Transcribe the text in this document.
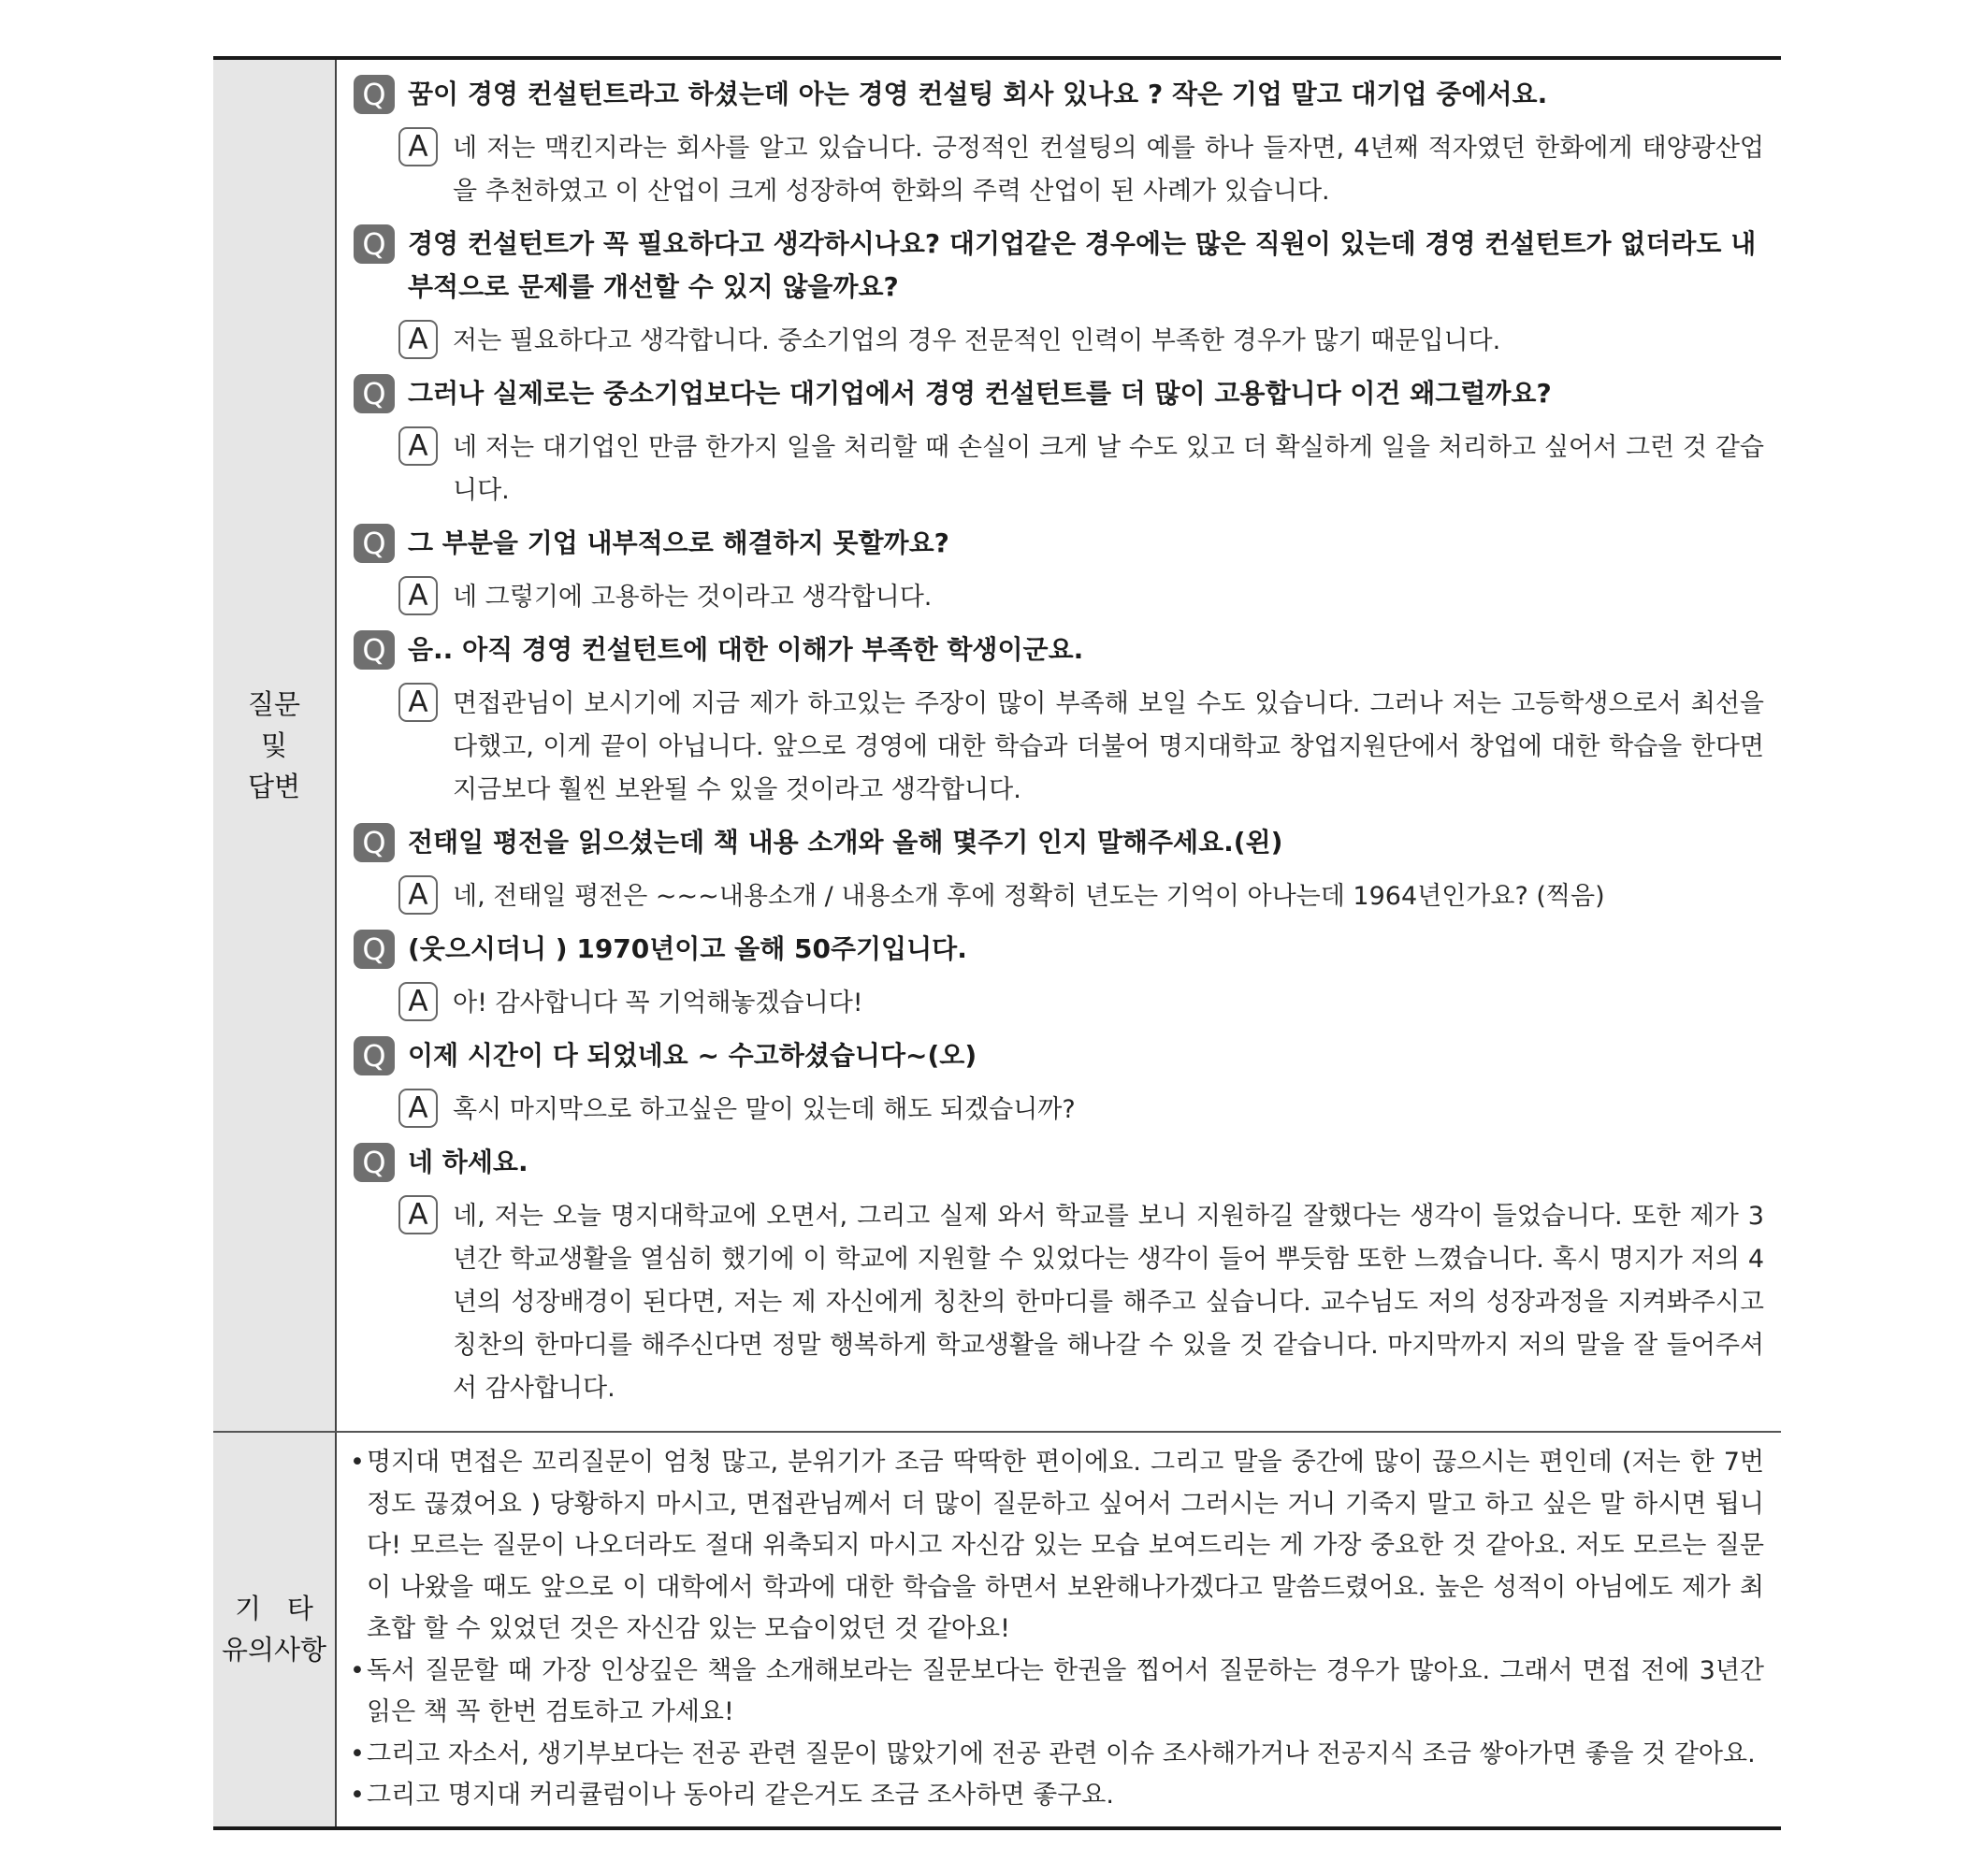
질문
및
답변
Q 꿈이 경영 컨설턴트라고 하셨는데 아는 경영 컨설팅 회사 있나요 ? 작은 기업 말고 대기업 중에서요.
A 네 저는 맥킨지라는 회사를 알고 있습니다. 긍정적인 컨설팅의 예를 하나 들자면, 4년째 적자였던 한화에게 태양광산업을 추천하였고 이 산업이 크게 성장하여 한화의 주력 산업이 된 사례가 있습니다.
Q 경영 컨설턴트가 꼭 필요하다고 생각하시나요? 대기업같은 경우에는 많은 직원이 있는데 경영 컨설턴트가 없더라도 내부적으로 문제를 개선할 수 있지 않을까요?
A 저는 필요하다고 생각합니다. 중소기업의 경우 전문적인 인력이 부족한 경우가 많기 때문입니다.
Q 그러나 실제로는 중소기업보다는 대기업에서 경영 컨설턴트를 더 많이 고용합니다 이건 왜그럴까요?
A 네 저는 대기업인 만큼 한가지 일을 처리할 때 손실이 크게 날 수도 있고 더 확실하게 일을 처리하고 싶어서 그런 것 같습니다.
Q 그 부분을 기업 내부적으로 해결하지 못할까요?
A 네 그렇기에 고용하는 것이라고 생각합니다.
Q 음.. 아직 경영 컨설턴트에 대한 이해가 부족한 학생이군요.
A 면접관님이 보시기에 지금 제가 하고있는 주장이 많이 부족해 보일 수도 있습니다. 그러나 저는 고등학생으로서 최선을 다했고, 이게 끝이 아닙니다. 앞으로 경영에 대한 학습과 더불어 명지대학교 창업지원단에서 창업에 대한 학습을 한다면 지금보다 훨씬 보완될 수 있을 것이라고 생각합니다.
Q 전태일 평전을 읽으셨는데 책 내용 소개와 올해 몇주기 인지 말해주세요.(왼)
A 네, 전태일 평전은 ~~~내용소개 / 내용소개 후에 정확히 년도는 기억이 아나는데 1964년인가요? (찍음)
Q (웃으시더니 ) 1970년이고 올해 50주기입니다.
A 아! 감사합니다 꼭 기억해놓겠습니다!
Q 이제 시간이 다 되었네요 ~ 수고하셨습니다~(오)
A 혹시 마지막으로 하고싶은 말이 있는데 해도 되겠습니까?
Q 네 하세요.
A 네, 저는 오늘 명지대학교에 오면서, 그리고 실제 와서 학교를 보니 지원하길 잘했다는 생각이 들었습니다. 또한 제가 3년간 학교생활을 열심히 했기에 이 학교에 지원할 수 있었다는 생각이 들어 뿌듯함 또한 느꼈습니다. 혹시 명지가 저의 4년의 성장배경이 된다면, 저는 제 자신에게 칭찬의 한마디를 해주고 싶습니다. 교수님도 저의 성장과정을 지켜봐주시고 칭찬의 한마디를 해주신다면 정말 행복하게 학교생활을 해나갈 수 있을 것 같습니다. 마지막까지 저의 말을 잘 들어주셔서 감사합니다.
기   타
유의사항
• 명지대 면접은 꼬리질문이 엄청 많고, 분위기가 조금 딱딱한 편이에요. 그리고 말을 중간에 많이 끊으시는 편인데 (저는 한 7번 정도 끊겼어요 ) 당황하지 마시고, 면접관님께서 더 많이 질문하고 싶어서 그러시는 거니 기죽지 말고 하고 싶은 말 하시면 됩니다! 모르는 질문이 나오더라도 절대 위축되지 마시고 자신감 있는 모습 보여드리는 게 가장 중요한 것 같아요. 저도 모르는 질문이 나왔을 때도 앞으로 이 대학에서 학과에 대한 학습을 하면서 보완해나가겠다고 말씀드렸어요. 높은 성적이 아님에도 제가 최초합 할 수 있었던 것은 자신감 있는 모습이었던 것 같아요!
• 독서 질문할 때 가장 인상깊은 책을 소개해보라는 질문보다는 한권을 찝어서 질문하는 경우가 많아요. 그래서 면접 전에 3년간 읽은 책 꼭 한번 검토하고 가세요!
• 그리고 자소서, 생기부보다는 전공 관련 질문이 많았기에 전공 관련 이슈 조사해가거나 전공지식 조금 쌓아가면 좋을 것 같아요.
• 그리고 명지대 커리큘럼이나 동아리 같은거도 조금 조사하면 좋구요.
